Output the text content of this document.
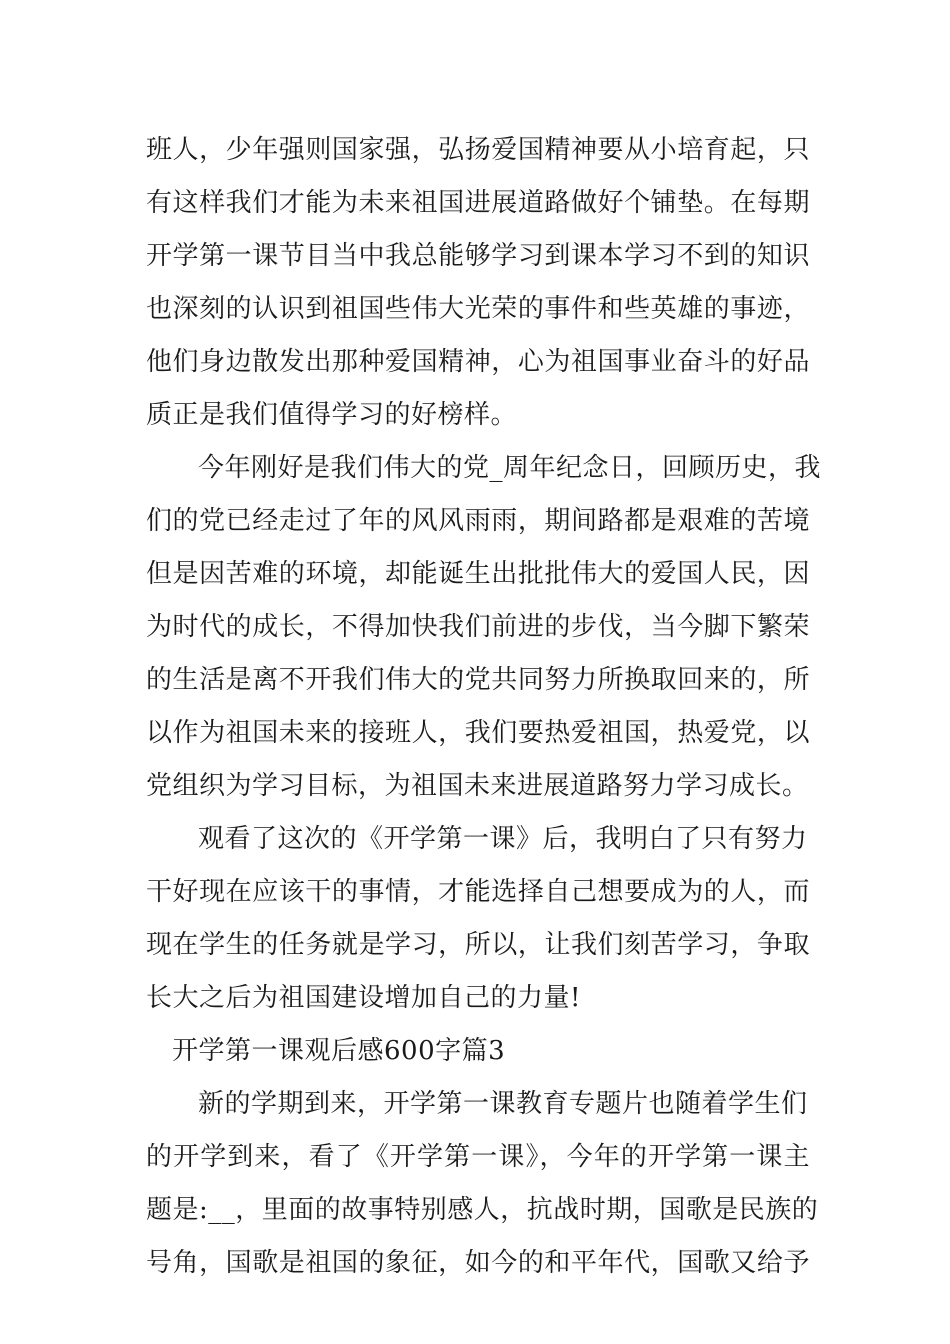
班人，少年强则国家强，弘扬爱国精神要从小培育起，只
有这样我们才能为未来祖国进展道路做好个铺垫。在每期
开学第一课节目当中我总能够学习到课本学习不到的知识
也深刻的认识到祖国些伟大光荣的事件和些英雄的事迹，
他们身边散发出那种爱国精神，心为祖国事业奋斗的好品
质正是我们值得学习的好榜样。
今年刚好是我们伟大的党_周年纪念日，回顾历史，我
们的党已经走过了年的风风雨雨，期间路都是艰难的苦境
但是因苦难的环境，却能诞生出批批伟大的爱国人民，因
为时代的成长，不得加快我们前进的步伐，当今脚下繁荣
的生活是离不开我们伟大的党共同努力所换取回来的，所
以作为祖国未来的接班人，我们要热爱祖国，热爱党，以
党组织为学习目标，为祖国未来进展道路努力学习成长。
观看了这次的《开学第一课》后，我明白了只有努力
干好现在应该干的事情，才能选择自己想要成为的人，而
现在学生的任务就是学习，所以，让我们刻苦学习，争取
长大之后为祖国建设增加自己的力量!
开学第一课观后感600字篇3
新的学期到来，开学第一课教育专题片也随着学生们
的开学到来，看了《开学第一课》，今年的开学第一课主
题是:__，里面的故事特别感人，抗战时期，国歌是民族的
号角，国歌是祖国的象征，如今的和平年代，国歌又给予
